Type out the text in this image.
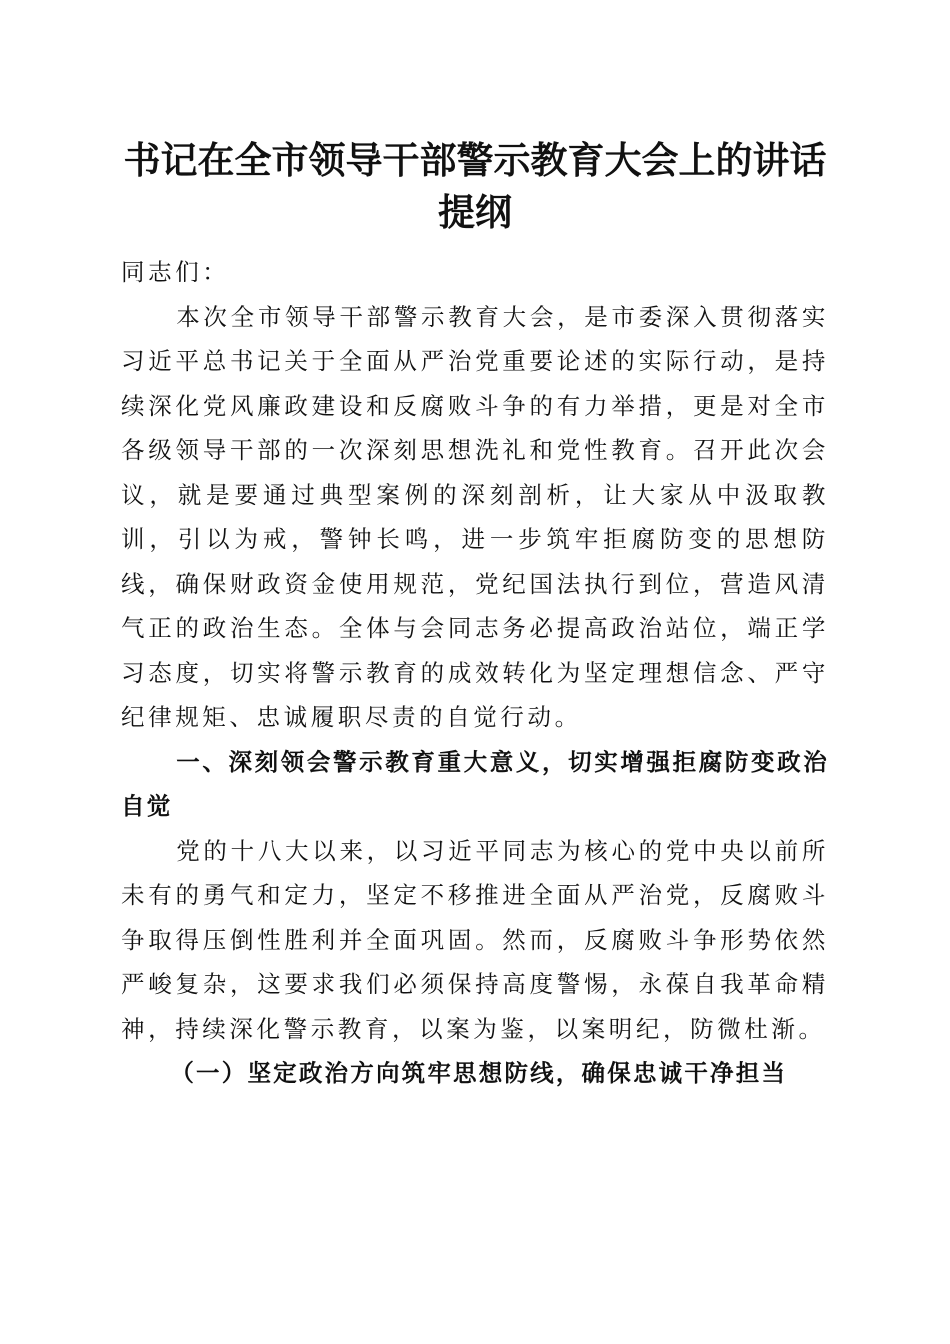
书记在全市领导干部警示教育大会上的讲话提纲

同志们：

本次全市领导干部警示教育大会，是市委深入贯彻落实习近平总书记关于全面从严治党重要论述的实际行动，是持续深化党风廉政建设和反腐败斗争的有力举措，更是对全市各级领导干部的一次深刻思想洗礼和党性教育。召开此次会议，就是要通过典型案例的深刻剖析，让大家从中汲取教训，引以为戒，警钟长鸣，进一步筑牢拒腐防变的思想防线，确保财政资金使用规范，党纪国法执行到位，营造风清气正的政治生态。全体与会同志务必提高政治站位，端正学习态度，切实将警示教育的成效转化为坚定理想信念、严守纪律规矩、忠诚履职尽责的自觉行动。

一、深刻领会警示教育重大意义，切实增强拒腐防变政治自觉

党的十八大以来，以习近平同志为核心的党中央以前所未有的勇气和定力，坚定不移推进全面从严治党，反腐败斗争取得压倒性胜利并全面巩固。然而，反腐败斗争形势依然严峻复杂，这要求我们必须保持高度警惕，永葆自我革命精神，持续深化警示教育，以案为鉴，以案明纪，防微杜渐。

（一）坚定政治方向筑牢思想防线，确保忠诚干净担当
